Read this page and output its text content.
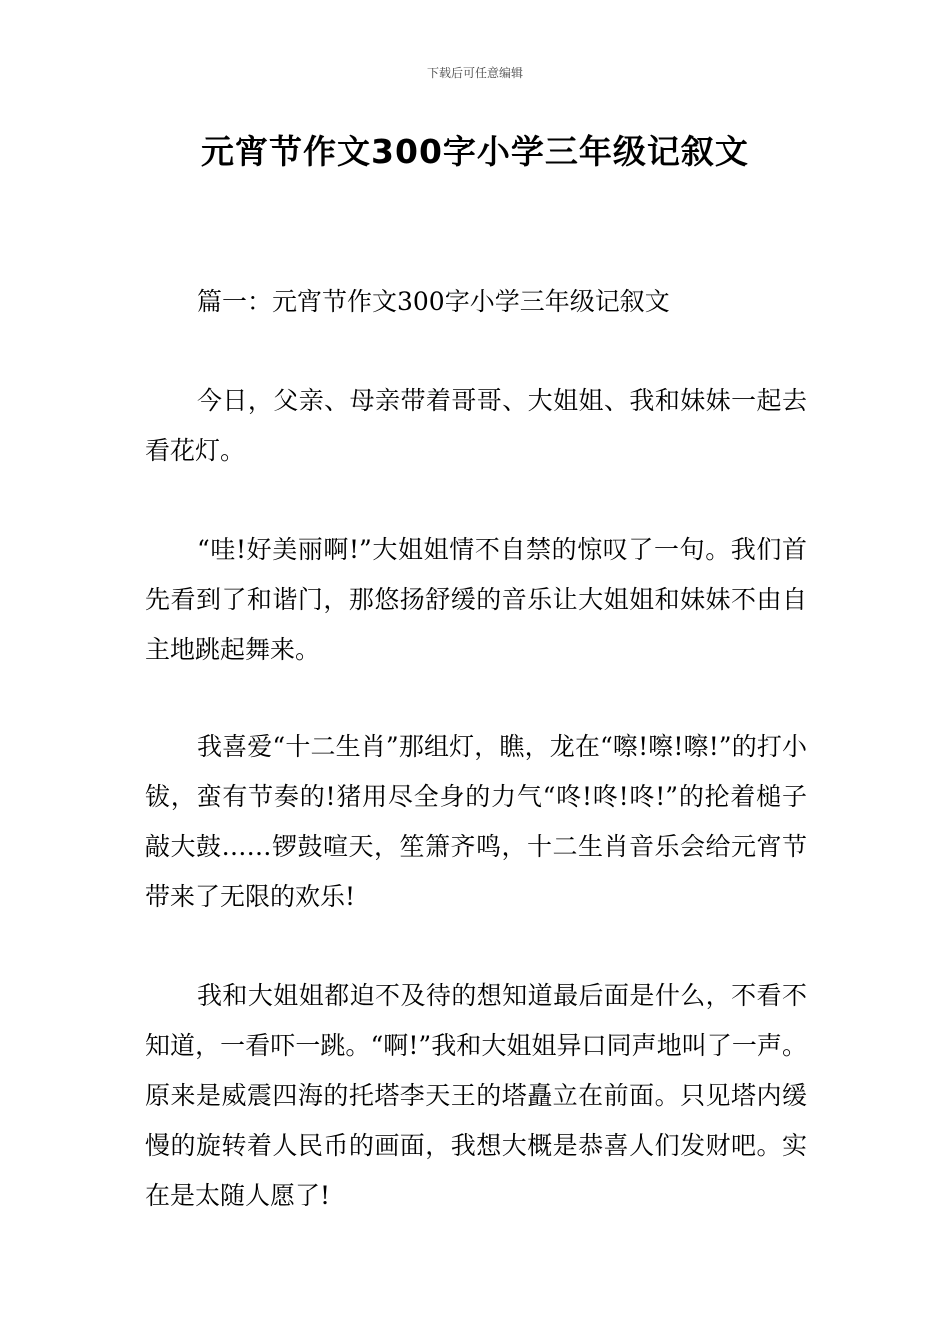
下载后可任意编辑
元宵节作文300字小学三年级记叙文

篇一：元宵节作文300字小学三年级记叙文

今日，父亲、母亲带着哥哥、大姐姐、我和妹妹一起去看花灯。

“哇!好美丽啊!”大姐姐情不自禁的惊叹了一句。我们首先看到了和谐门，那悠扬舒缓的音乐让大姐姐和妹妹不由自主地跳起舞来。

我喜爱“十二生肖”那组灯，瞧，龙在“嚓!嚓!嚓!”的打小钹，蛮有节奏的!猪用尽全身的力气“咚!咚!咚!”的抡着槌子敲大鼓……锣鼓喧天，笙箫齐鸣，十二生肖音乐会给元宵节带来了无限的欢乐!

我和大姐姐都迫不及待的想知道最后面是什么，不看不知道，一看吓一跳。“啊!”我和大姐姐异口同声地叫了一声。原来是威震四海的托塔李天王的塔矗立在前面。只见塔内缓慢的旋转着人民币的画面，我想大概是恭喜人们发财吧。实在是太随人愿了!
